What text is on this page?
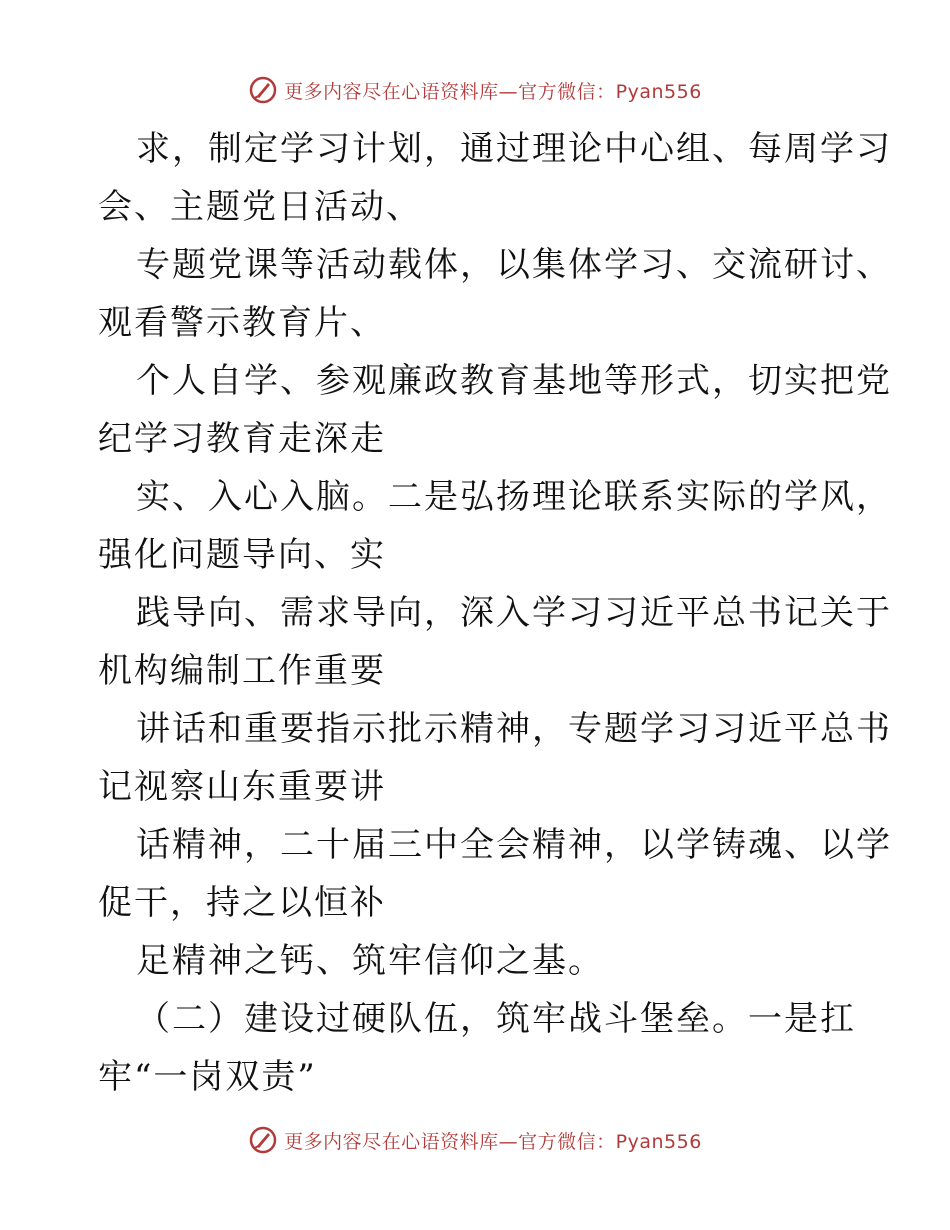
更多内容尽在心语资料库—官方微信：Pyan556
求，制定学习计划，通过理论中心组、每周学习
会、主题党日活动、
专题党课等活动载体，以集体学习、交流研讨、
观看警示教育片、
个人自学、参观廉政教育基地等形式，切实把党
纪学习教育走深走
实、入心入脑。二是弘扬理论联系实际的学风，
强化问题导向、实
践导向、需求导向，深入学习习近平总书记关于
机构编制工作重要
讲话和重要指示批示精神，专题学习习近平总书
记视察山东重要讲
话精神，二十届三中全会精神，以学铸魂、以学
促干，持之以恒补
足精神之钙、筑牢信仰之基。
（二）建设过硬队伍，筑牢战斗堡垒。一是扛
牢“一岗双责”
更多内容尽在心语资料库—官方微信：Pyan556
